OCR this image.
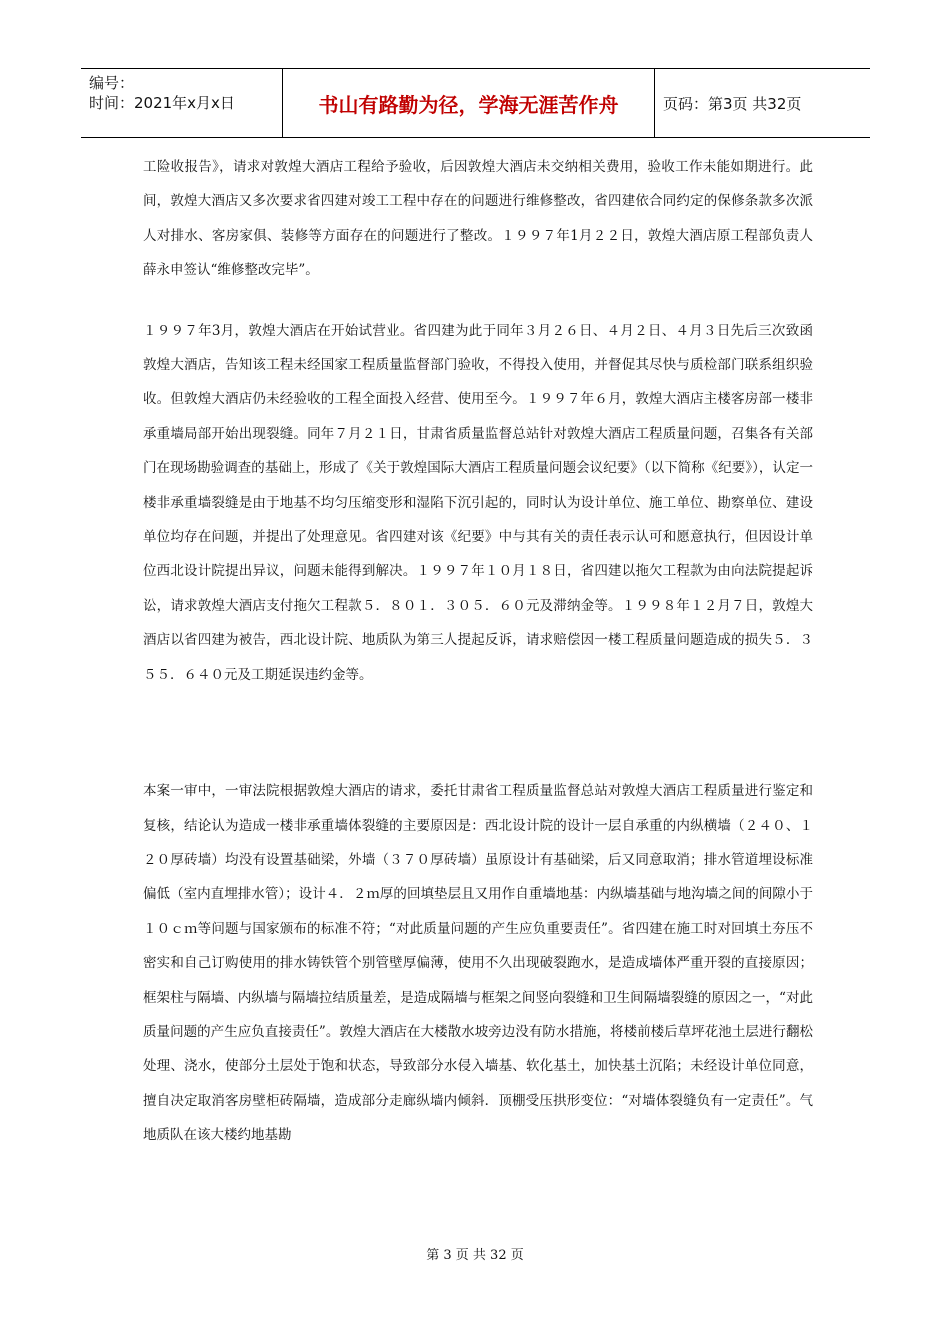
编号：
时间：2021年x月x日	书山有路勤为径，学海无涯苦作舟	页码：第3页 共32页

工险收报告》，请求对敦煌大酒店工程给予验收，后因敦煌大酒店未交纳相关费用，验收工作未能如期进行。此间，敦煌大酒店又多次要求省四建对竣工工程中存在的问题进行维修整改，省四建依合同约定的保修条款多次派人对排水、客房家俱、装修等方面存在的问题进行了整改。１９９７年1月２２日，敦煌大酒店原工程部负责人薛永申签认“维修整改完毕”。

１９９７年3月，敦煌大酒店在开始试营业。省四建为此于同年３月２６日、４月２日、４月３日先后三次致函敦煌大酒店，告知该工程未经国家工程质量监督部门验收，不得投入使用，并督促其尽快与质检部门联系组织验收。但敦煌大酒店仍未经验收的工程全面投入经营、使用至今。１９９７年６月，敦煌大酒店主楼客房部一楼非承重墙局部开始出现裂缝。同年７月２１日，甘肃省质量监督总站针对敦煌大酒店工程质量问题，召集各有关部门在现场勘验调查的基础上，形成了《关于敦煌国际大酒店工程质量问题会议纪要》（以下简称《纪要》），认定一楼非承重墙裂缝是由于地基不均匀压缩变形和湿陷下沉引起的，同时认为设计单位、施工单位、勘察单位、建设单位均存在问题，并提出了处理意见。省四建对该《纪要》中与其有关的责任表示认可和愿意执行，但因设计单位西北设计院提出异议，问题未能得到解决。１９９７年１０月１８日，省四建以拖欠工程款为由向法院提起诉讼，请求敦煌大酒店支付拖欠工程款５．８０１．３０５．６０元及滞纳金等。１９９８年１２月７日，敦煌大酒店以省四建为被告，西北设计院、地质队为第三人提起反诉，请求赔偿因一楼工程质量问题造成的损失５．３５５．６４０元及工期延误违约金等。

本案一审中，一审法院根据敦煌大酒店的请求，委托甘肃省工程质量监督总站对敦煌大酒店工程质量进行鉴定和复核，结论认为造成一楼非承重墙体裂缝的主要原因是：西北设计院的设计一层自承重的内纵横墙（２４０、１２０厚砖墙）均没有设置基础梁，外墙（３７０厚砖墙）虽原设计有基础梁，后又同意取消；排水管道埋设标准偏低（室内直埋排水管）；设计４．２ｍ厚的回填垫层且又用作自重墙地基：内纵墙基础与地沟墙之间的间隙小于１０ｃｍ等问题与国家颁布的标准不符；“对此质量问题的产生应负重要责任”。省四建在施工时对回填土夯压不密实和自己订购使用的排水铸铁管个别管壁厚偏薄，使用不久出现破裂跑水，是造成墙体严重开裂的直接原因；框架柱与隔墙、内纵墙与隔墙拉结质量差，是造成隔墙与框架之间竖向裂缝和卫生间隔墙裂缝的原因之一，“对此质量问题的产生应负直接责任”。敦煌大酒店在大楼散水坡旁边没有防水措施，将楼前楼后草坪花池土层进行翻松处理、浇水，使部分土层处于饱和状态，导致部分水侵入墙基、软化基土，加快基土沉陷；未经设计单位同意，擅自决定取消客房壁柜砖隔墙，造成部分走廊纵墙内倾斜．顶棚受压拱形变位：“对墙体裂缝负有一定责任”。气地质队在该大楼约地基勘

第 3 页 共 32 页
